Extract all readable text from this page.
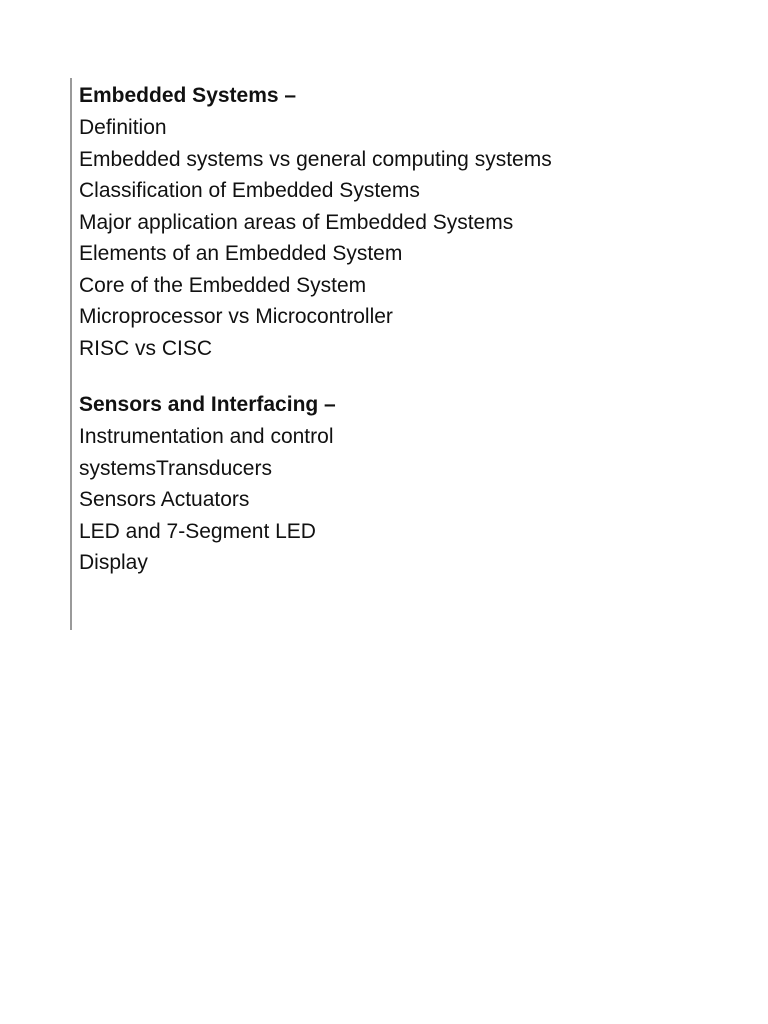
Embedded Systems –
Definition
Embedded systems vs general computing systems
Classification of Embedded Systems
Major application areas of Embedded Systems
Elements of an Embedded System
Core of the Embedded System
Microprocessor vs Microcontroller
RISC vs CISC
Sensors and Interfacing –
Instrumentation and control
systemsTransducers
Sensors Actuators
LED and 7-Segment LED
Display
